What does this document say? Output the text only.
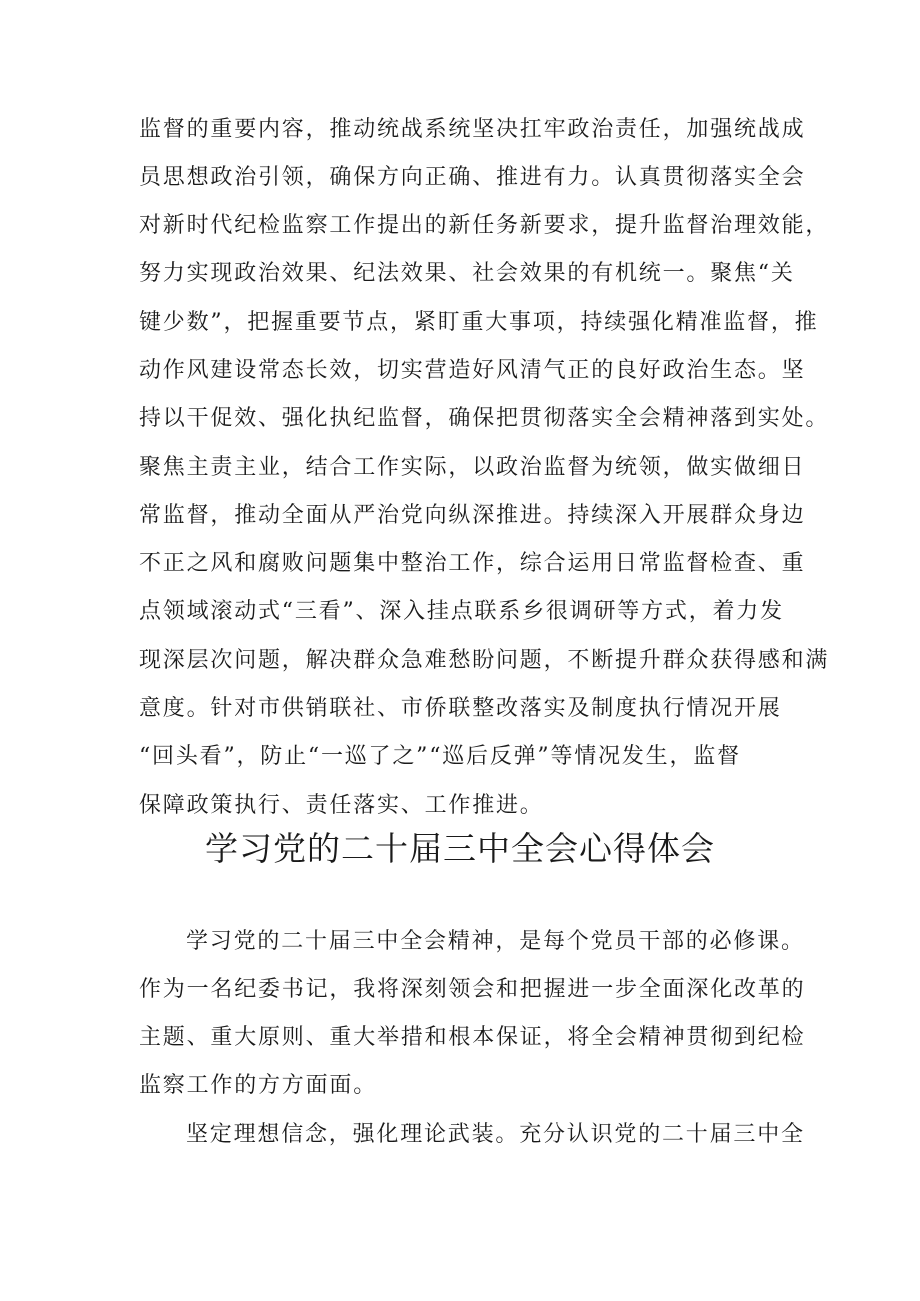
监督的重要内容，推动统战系统坚决扛牢政治责任，加强统战成
员思想政治引领，确保方向正确、推进有力。认真贯彻落实全会
对新时代纪检监察工作提出的新任务新要求，提升监督治理效能，
努力实现政治效果、纪法效果、社会效果的有机统一。聚焦“关
键少数”，把握重要节点，紧盯重大事项，持续强化精准监督，推
动作风建设常态长效，切实营造好风清气正的良好政治生态。坚
持以干促效、强化执纪监督，确保把贯彻落实全会精神落到实处。
聚焦主责主业，结合工作实际，以政治监督为统领，做实做细日
常监督，推动全面从严治党向纵深推进。持续深入开展群众身边
不正之风和腐败问题集中整治工作，综合运用日常监督检查、重
点领域滚动式“三看”、深入挂点联系乡很调研等方式，着力发
现深层次问题，解决群众急难愁盼问题，不断提升群众获得感和满
意度。针对市供销联社、市侨联整改落实及制度执行情况开展
“回头看”，防止“一巡了之”“巡后反弹”等情况发生，监督
保障政策执行、责任落实、工作推进。
学习党的二十届三中全会心得体会
学习党的二十届三中全会精神，是每个党员干部的必修课。
作为一名纪委书记，我将深刻领会和把握进一步全面深化改革的
主题、重大原则、重大举措和根本保证，将全会精神贯彻到纪检
监察工作的方方面面。
坚定理想信念，强化理论武装。充分认识党的二十届三中全
